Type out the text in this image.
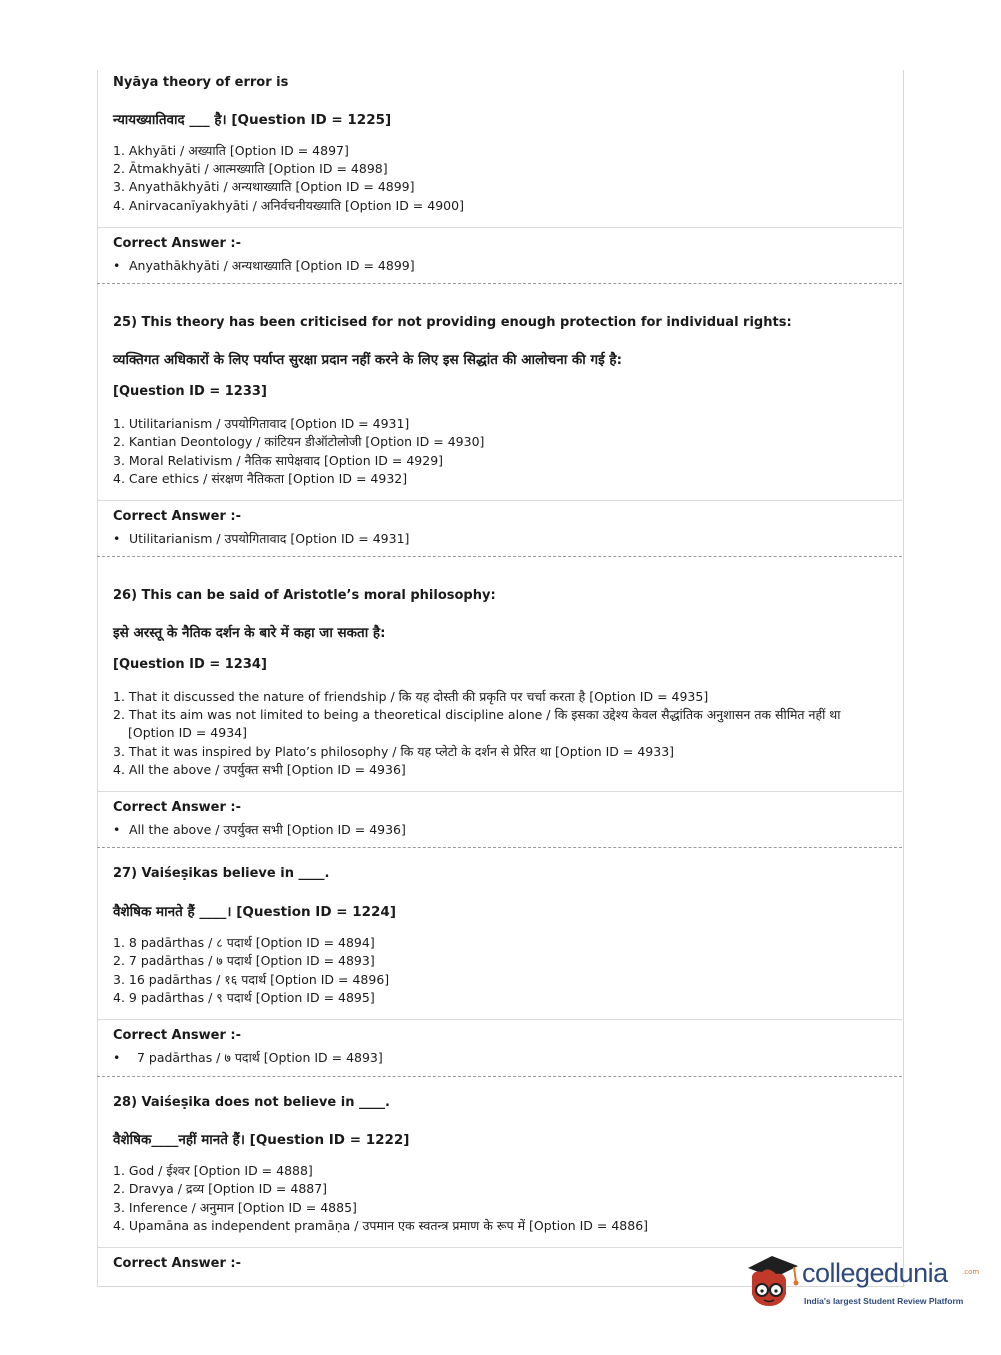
Nyāya theory of error is
न्यायख्यातिवाद ___ है। [Question ID = 1225]
1. Akhyāti / अख्याति [Option ID = 4897]
2. Ātmakhyāti / आत्मख्याति [Option ID = 4898]
3. Anyathākhyāti / अन्यथाख्याति [Option ID = 4899]
4. Anirvacanīyakhyāti / अनिर्वचनीयख्याति [Option ID = 4900]
Correct Answer :-
• Anyathākhyāti / अन्यथाख्याति [Option ID = 4899]
25) This theory has been criticised for not providing enough protection for individual rights:
व्यक्तिगत अधिकारों के लिए पर्याप्त सुरक्षा प्रदान नहीं करने के लिए इस सिद्धांत की आलोचना की गई है:
[Question ID = 1233]
1. Utilitarianism / उपयोगितावाद [Option ID = 4931]
2. Kantian Deontology / कांटियन डीऑटोलोजी [Option ID = 4930]
3. Moral Relativism / नैतिक सापेक्षवाद [Option ID = 4929]
4. Care ethics / संरक्षण नैतिकता [Option ID = 4932]
Correct Answer :-
• Utilitarianism / उपयोगितावाद [Option ID = 4931]
26) This can be said of Aristotle’s moral philosophy:
इसे अरस्तू के नैतिक दर्शन के बारे में कहा जा सकता है:
[Question ID = 1234]
1. That it discussed the nature of friendship / कि यह दोस्ती की प्रकृति पर चर्चा करता है [Option ID = 4935]
2. That its aim was not limited to being a theoretical discipline alone / कि इसका उद्देश्य केवल सैद्धांतिक अनुशासन तक सीमित नहीं था
[Option ID = 4934]
3. That it was inspired by Plato’s philosophy / कि यह प्लेटो के दर्शन से प्रेरित था [Option ID = 4933]
4. All the above / उपर्युक्त सभी [Option ID = 4936]
Correct Answer :-
• All the above / उपर्युक्त सभी [Option ID = 4936]
27) Vaiśeṣikas believe in ____.
वैशेषिक मानते हैं ____। [Question ID = 1224]
1. 8 padārthas / ८ पदार्थ [Option ID = 4894]
2. 7 padārthas / ७ पदार्थ [Option ID = 4893]
3. 16 padārthas / १६ पदार्थ [Option ID = 4896]
4. 9 padārthas / ९ पदार्थ [Option ID = 4895]
Correct Answer :-
• 7 padārthas / ७ पदार्थ [Option ID = 4893]
28) Vaiśeṣika does not believe in ____.
वैशेषिक____नहीं मानते हैं। [Question ID = 1222]
1. God / ईश्वर [Option ID = 4888]
2. Dravya / द्रव्य [Option ID = 4887]
3. Inference / अनुमान [Option ID = 4885]
4. Upamāna as independent pramāṇa / उपमान एक स्वतन्त्र प्रमाण के रूप में [Option ID = 4886]
Correct Answer :-	collegedunia .com
India's largest Student Review Platform
